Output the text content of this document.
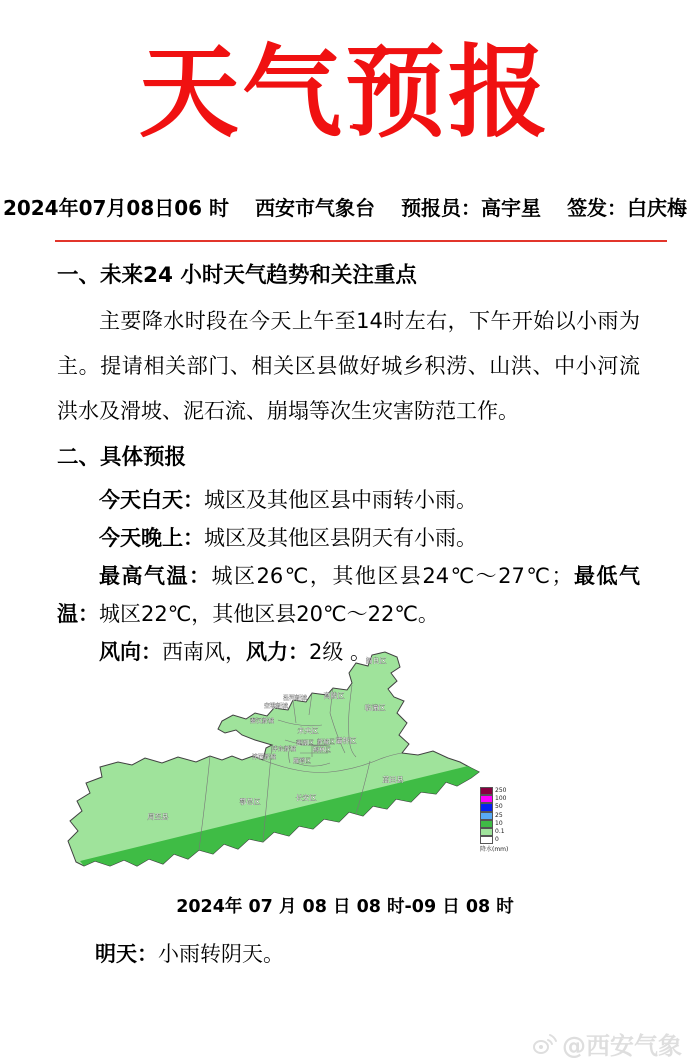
天气预报
2024年07月08日06 时 西安市气象台 预报员：高宇星 签发：白庆梅
一、未来24 小时天气趋势和关注重点

主要降水时段在今天上午至14时左右，下午开始以小雨为主。提请相关部门、相关区县做好城乡积涝、山洪、中小河流洪水及滑坡、泥石流、崩塌等次生灾害防范工作。

二、具体预报

今天白天：城区及其他区县中雨转小雨。

今天晚上：城区及其他区县阴天有小雨。

最高气温：城区26℃，其他区县24℃～27℃；最低气温：城区22℃，其他区县20℃～22℃。

风向：西南风，风力：2级 。

周至县
鄠邑区	长安区
蓝田县
临潼区
阎良区
高陵区
泾河新城
空港新城
秦汉新城
未央区
灞桥区
莲湖区 新城区
碑林区
沣东新城
沣西新城
雁塔区
250
100
50
25
10
0.1
0
降水(mm)
2024年 07 月 08 日 08 时-09 日 08 时
明天：小雨转阴天。
@西安气象
